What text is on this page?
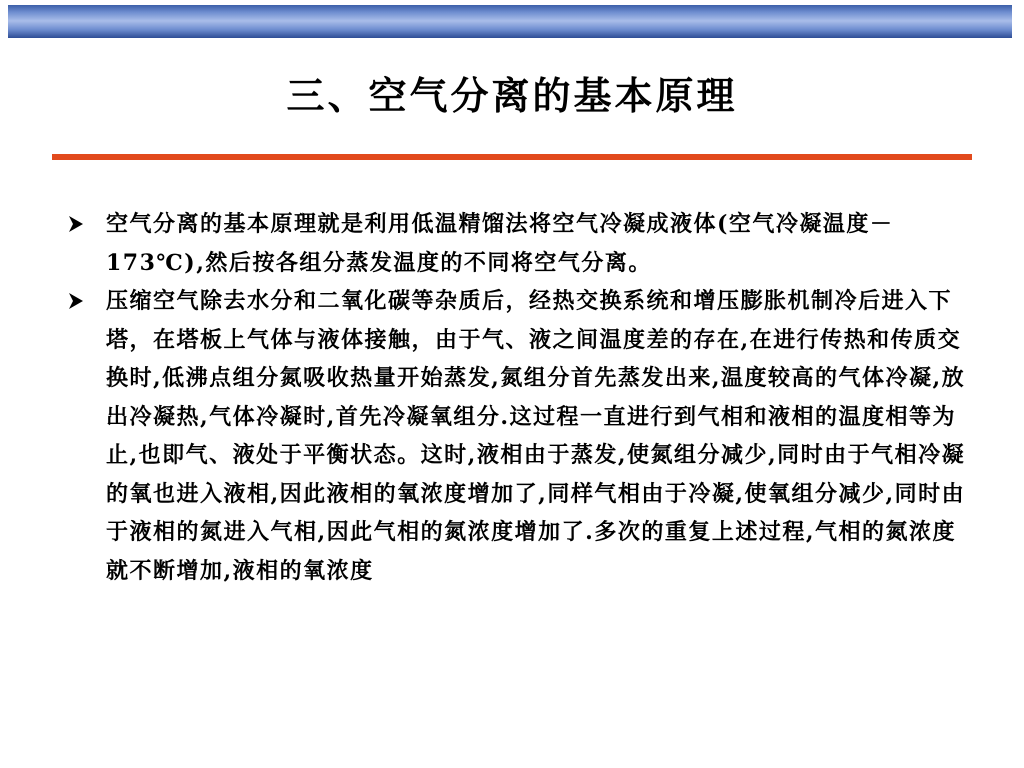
三、空气分离的基本原理
空气分离的基本原理就是利用低温精馏法将空气冷凝成液体(空气冷凝温度－173℃),然后按各组分蒸发温度的不同将空气分离。
压缩空气除去水分和二氧化碳等杂质后，经热交换系统和增压膨胀机制冷后进入下塔，在塔板上气体与液体接触，由于气、液之间温度差的存在,在进行传热和传质交换时,低沸点组分氮吸收热量开始蒸发,氮组分首先蒸发出来,温度较高的气体冷凝,放出冷凝热,气体冷凝时,首先冷凝氧组分.这过程一直进行到气相和液相的温度相等为止,也即气、液处于平衡状态。这时,液相由于蒸发,使氮组分减少,同时由于气相冷凝的氧也进入液相,因此液相的氧浓度增加了,同样气相由于冷凝,使氧组分减少,同时由于液相的氮进入气相,因此气相的氮浓度增加了.多次的重复上述过程,气相的氮浓度就不断增加,液相的氧浓度
